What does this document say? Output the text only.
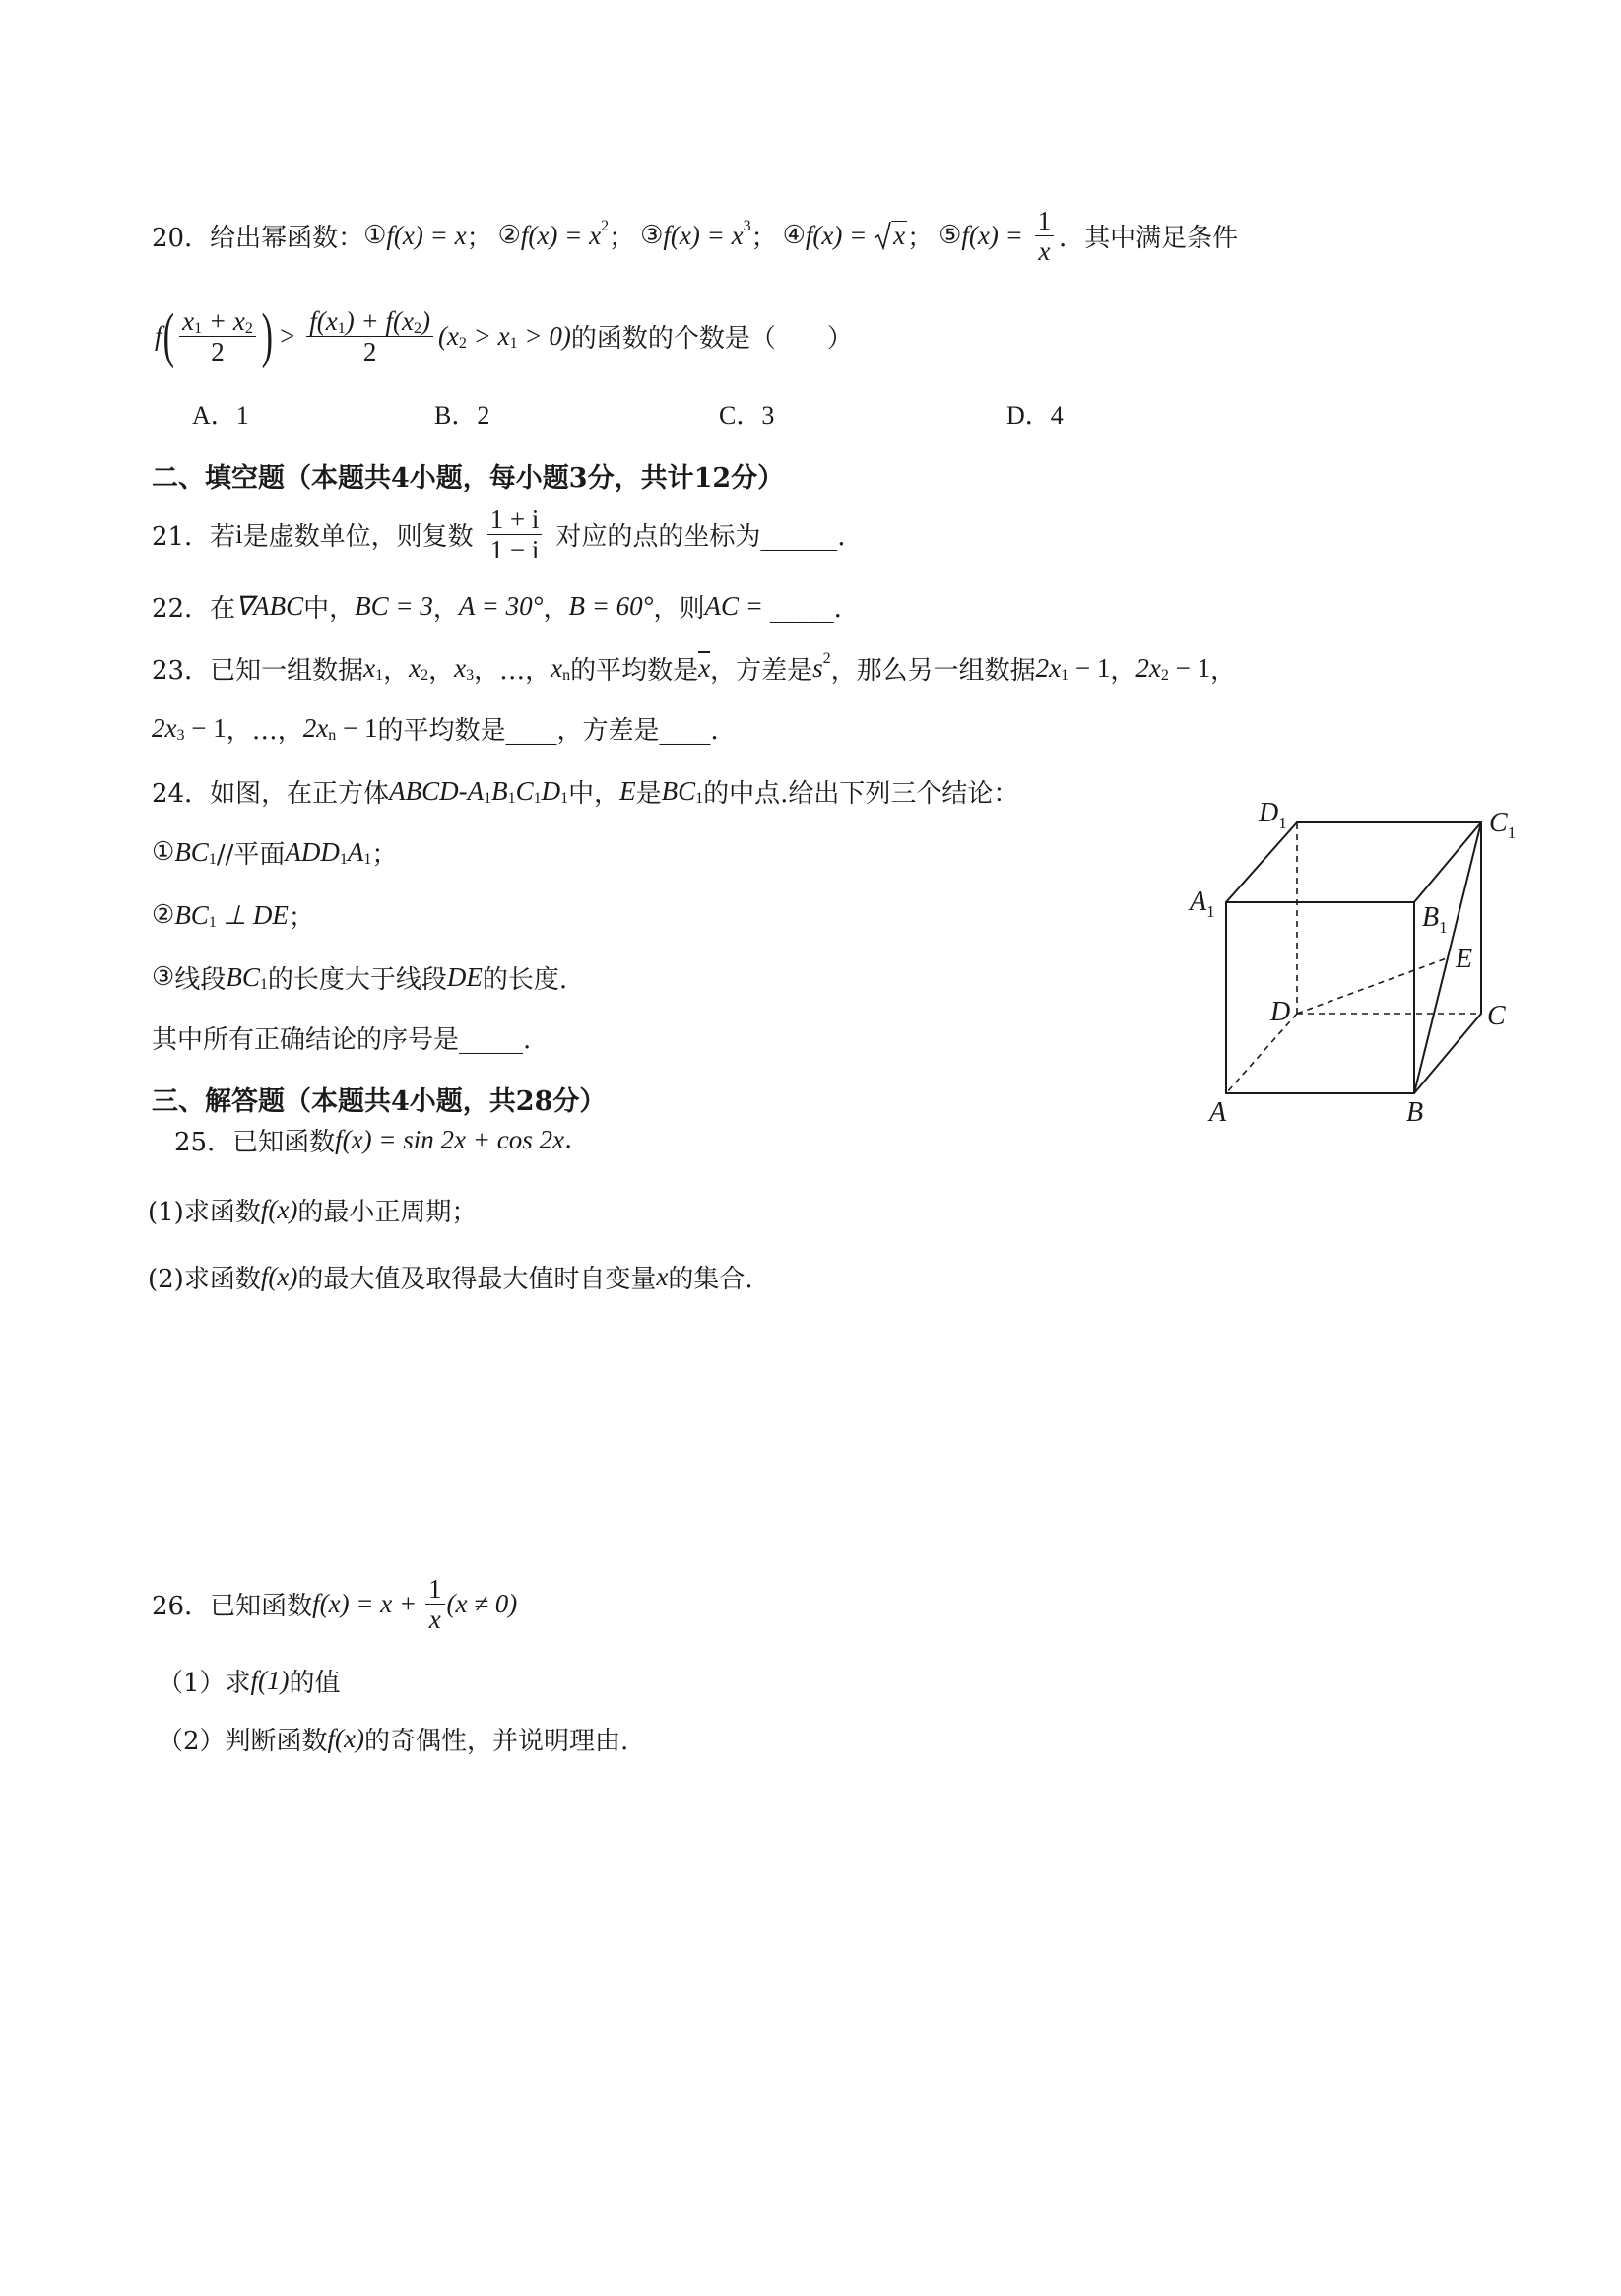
20．给出幂函数： ① f(x) = x ； ② f(x) = x 2 ； ③ f(x) = x 3 ； ④ f(x) = x ； ⑤ $f(x) = \frac{1}{x}$ ．其中满足条件
f ( $\frac{x 1 + x 2}{2}$ ) > $\frac{f(x 1 ) + f(x 2 )}{2} (x$ 2 > x 1 > 0) 的函数的个数是（　　）
A．1	B．2	C．3	D．4
二、填空题（本题共4小题，每小题3分，共计12分）
21．若 i 是虚数单位，则复数 $\frac{1 + i}{1 - i}$ 对应的点的坐标为______．
22．在 ∇ABC 中， BC = 3 ， A = 30° ， B = 60° ，则 AC = _____．
23．已知一组数据 x 1 ， x 2 ， x 3 ，…， x n 的平均数是 $\overline{x}$ ，方差是 s 2 ，那么另一组数据 2x 1 − 1 ， 2x 2 − 1 ，
2x 3 − 1 ，…， 2x n − 1 的平均数是____，方差是____．
24．如图，在正方体 ABCD-A 1 B 1 C 1 D 1 中， E 是 BC 1 的中点.给出下列三个结论：
① BC 1 //平面 ADD 1 A 1 ；
② BC 1 ⊥ DE ；
③ 线段 BC 1 的长度大于线段 DE 的长度.
其中所有正确结论的序号是_____.
$D_1$	$C_1$
$A_1$	$B_1$
E
D	C
A	B
三、解答题（本题共4小题，共28分）
25．已知函数 f(x) = sin 2x + cos 2x .
(1)求函数 f(x) 的最小正周期；
(2)求函数 f(x) 的最大值及取得最大值时自变量 x 的集合.
26．已知函数 $f(x) = x + \frac{1}{x} (x \ne 0)$
（1）求 f(1) 的值
（2）判断函数 f(x) 的奇偶性，并说明理由.
